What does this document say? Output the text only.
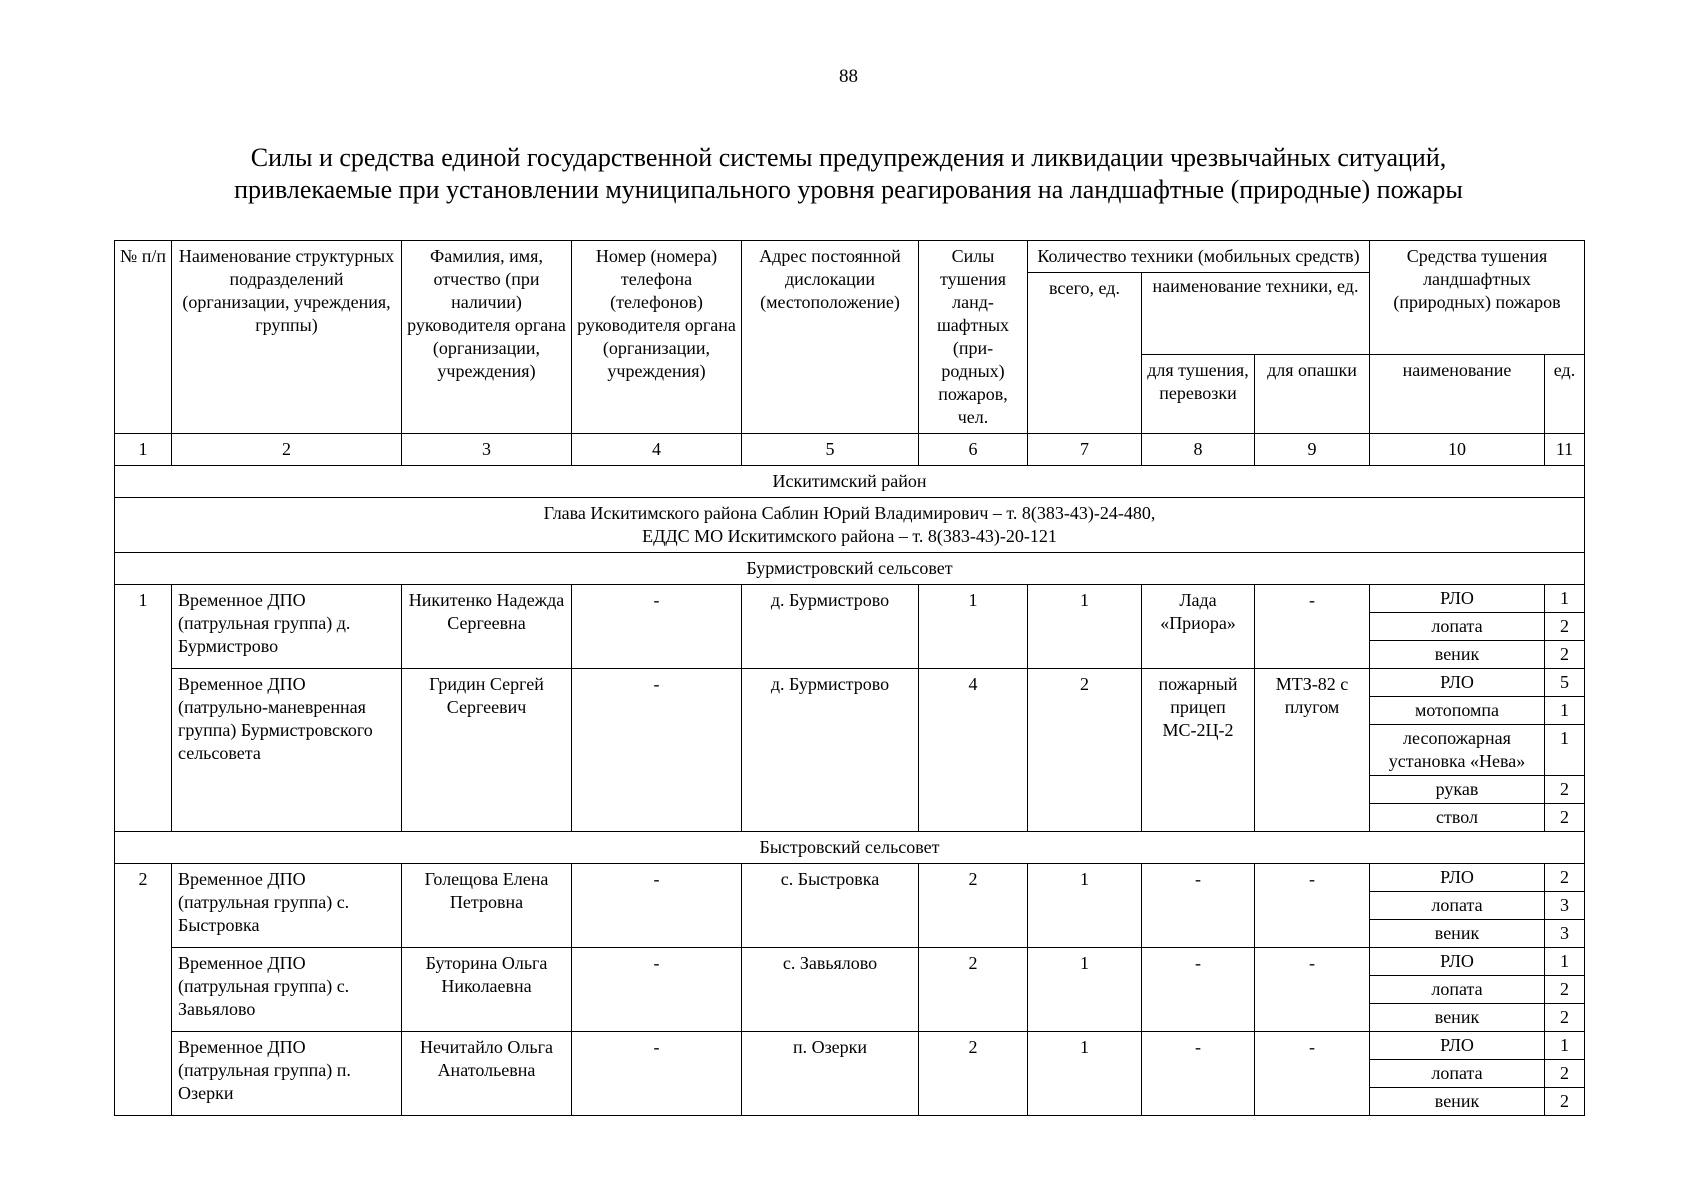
88
Силы и средства единой государственной системы предупреждения и ликвидации чрезвычайных ситуаций,
привлекаемые при установлении муниципального уровня реагирования на ландшафтные (природные) пожары
№ п/п	Наименование структурных подразделений (организации, учреждения, группы)	Фамилия, имя, отчество (при наличии) руководителя органа (организации, учреждения)	Номер (номера) телефона (телефонов) руководителя органа (организации, учреждения)	Адрес постоянной дислокации (местоположение)	Силы тушения ланд- шафтных (при- родных) пожаров, чел.	Количество техники (мобильных средств)			Средства тушения ландшафтных (природных) пожаров	
						всего, ед.	наименование техники, ед.			
							для тушения, перевозки	для опашки	наименование	ед.
1	2	3	4	5	6	7	8	9	10	11
Искитимский район										

Глава Искитимского района Саблин Юрий Владимирович – т. 8(383-43)-24-480,
ЕДДС МО Искитимского района – т. 8(383-43)-20-121										

Бурмистровский сельсовет										
1	Временное ДПО (патрульная группа) д. Бурмистрово	Никитенко Надежда Сергеевна	-	д. Бурмистрово	1	1	Лада «Приора»	-	РЛО	1
									лопата	2
									веник	2
	Временное ДПО (патрульно-маневренная группа) Бурмистровского сельсовета	Гридин Сергей Сергеевич	-	д. Бурмистрово	4	2	пожарный прицеп МС-2Ц-2	МТЗ-82 с плугом	РЛО	5
									мотопомпа	1
									лесопожарная установка «Нева»	1
									рукав	2
									ствол	2
Быстровский сельсовет										
2	Временное ДПО (патрульная группа) с. Быстровка	Голещова Елена Петровна	-	с. Быстровка	2	1	-	-	РЛО	2
									лопата	3
									веник	3
	Временное ДПО (патрульная группа) с. Завьялово	Буторина Ольга Николаевна	-	с. Завьялово	2	1	-	-	РЛО	1
									лопата	2
									веник	2
	Временное ДПО (патрульная группа) п. Озерки	Нечитайло Ольга Анатольевна	-	п. Озерки	2	1	-	-	РЛО	1
									лопата	2
									веник	2
